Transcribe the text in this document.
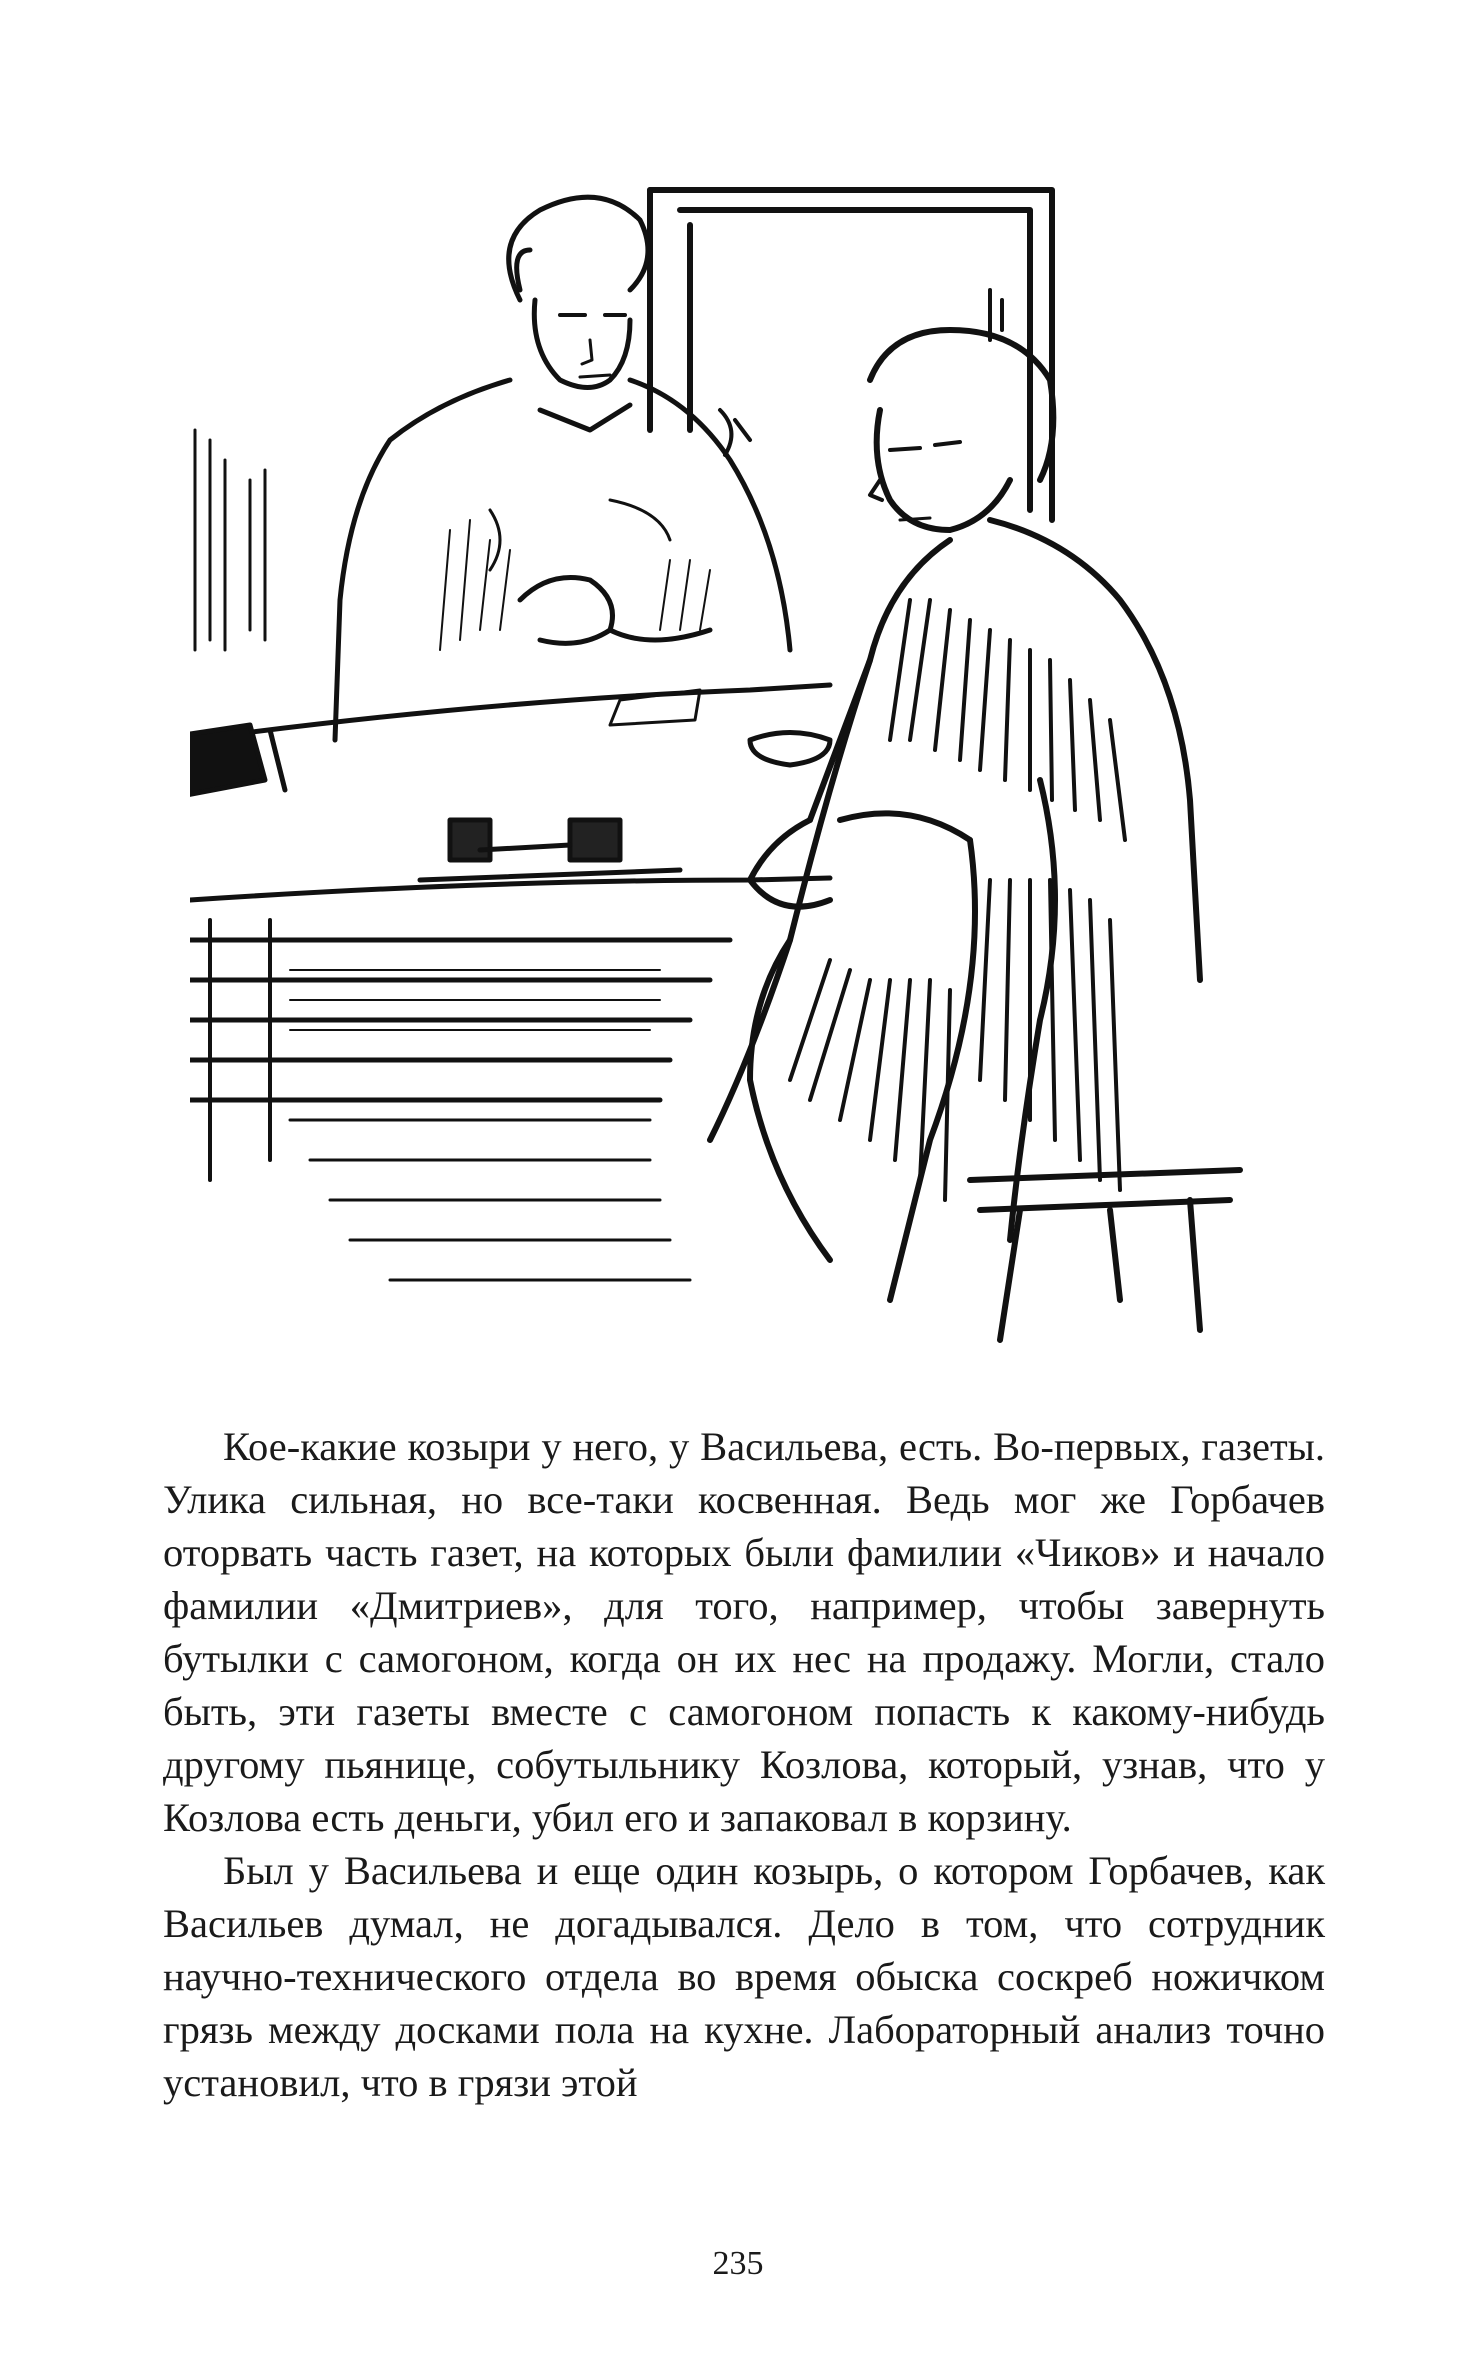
Кое-какие козыри у него, у Васильева, есть. Во-первых, газеты. Улика сильная, но все-таки косвенная. Ведь мог же Горбачев оторвать часть газет, на которых были фамилии «Чиков» и начало фамилии «Дмитриев», для того, например, чтобы завернуть бутылки с самогоном, когда он их нес на продажу. Могли, стало быть, эти газеты вместе с самогоном попасть к какому-нибудь другому пьянице, собутыльнику Козлова, который, узнав, что у Козлова есть деньги, убил его и запаковал в корзину.

Был у Васильева и еще один козырь, о котором Горбачев, как Васильев думал, не догадывался. Дело в том, что сотрудник научно-технического отдела во время обыска соскреб ножичком грязь между досками пола на кухне. Лабораторный анализ точно установил, что в грязи этой

235
